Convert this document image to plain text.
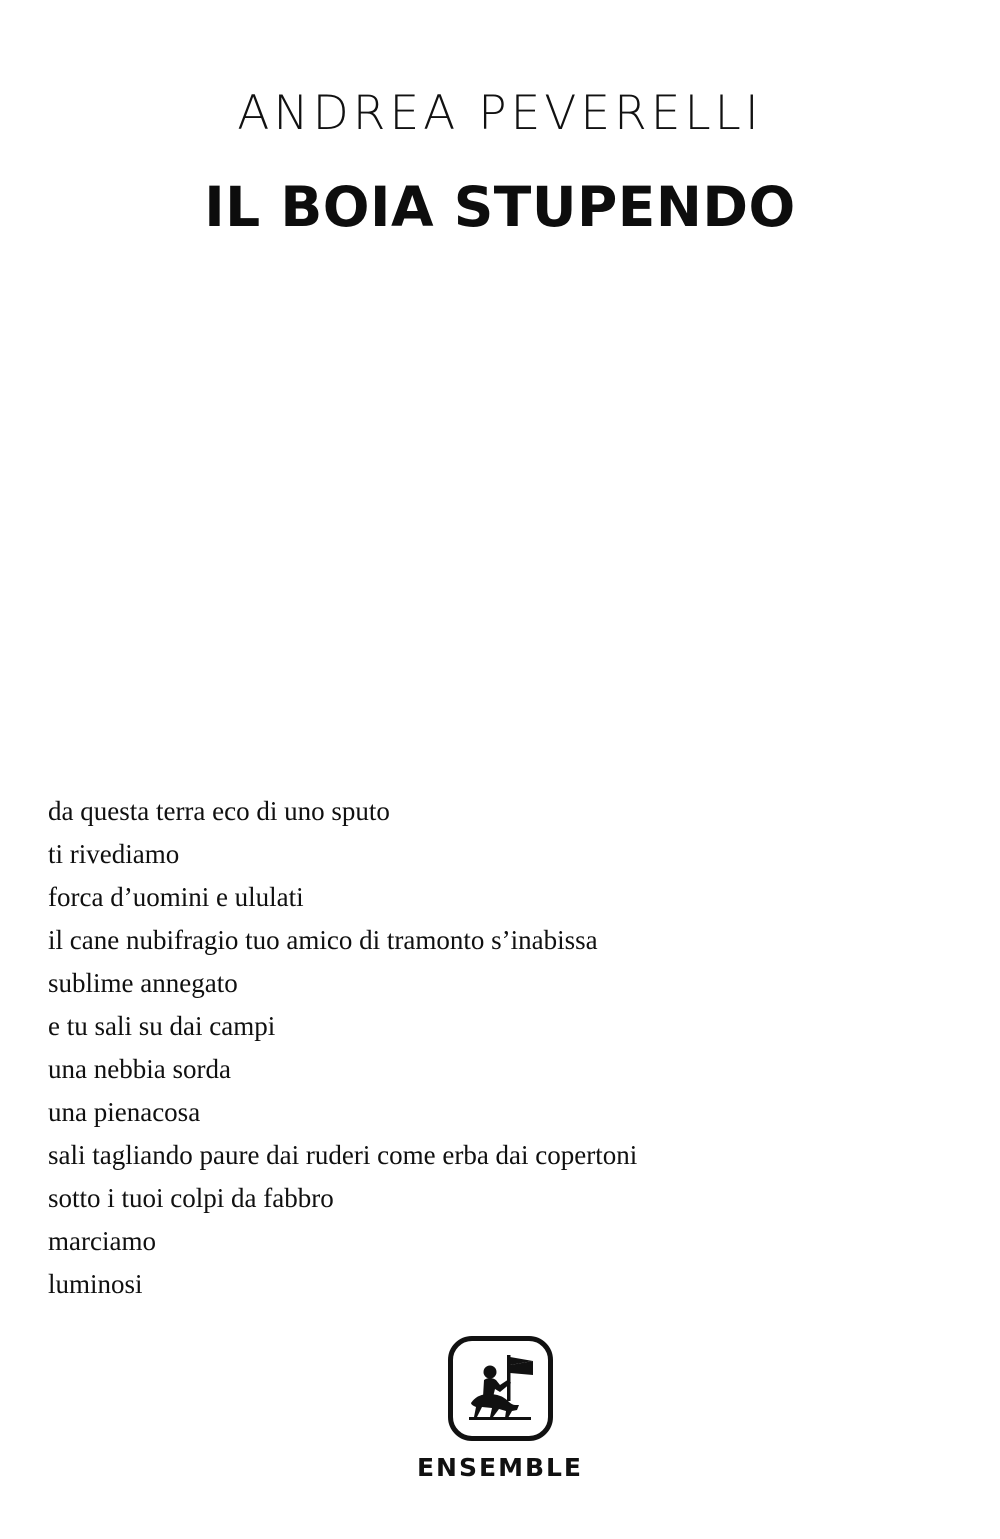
ANDREA PEVERELLI
IL BOIA STUPENDO
da questa terra eco di uno sputo
ti rivediamo
forca d’uomini e ululati
il cane nubifragio tuo amico di tramonto s’inabissa
sublime annegato
e tu sali su dai campi
una nebbia sorda
una pienacosa
sali tagliando paure dai ruderi come erba dai copertoni
sotto i tuoi colpi da fabbro
marciamo
luminosi
ENSEMBLE
